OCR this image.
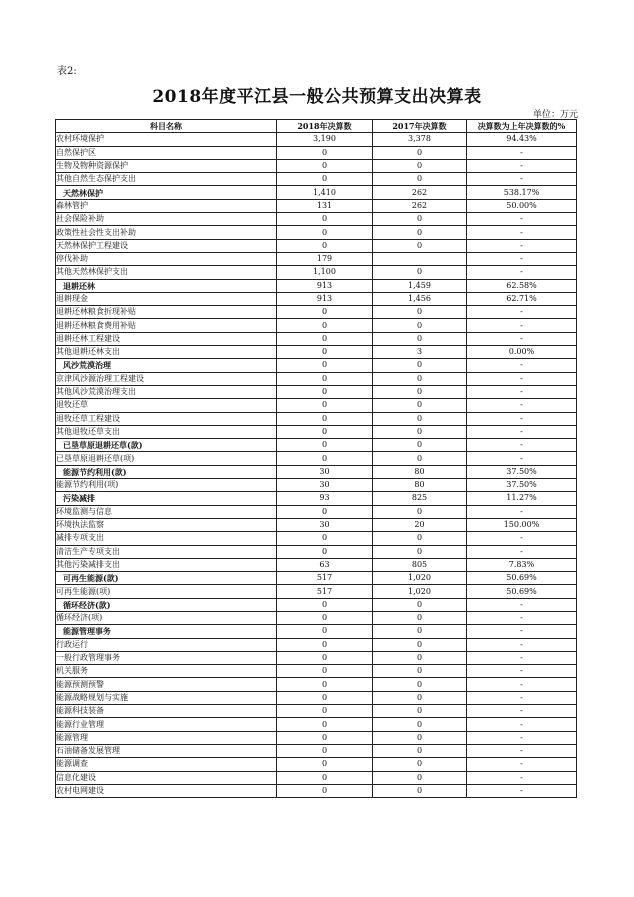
表2:
2018年度平江县一般公共预算支出决算表
单位：万元
科目名称	2018年决算数	2017年决算数	决算数为上年决算数的%
农村环境保护	3,190	3,378	94.43%
自然保护区	0	0	-
生物及物种资源保护	0	0	-
其他自然生态保护支出	0	0	-
天然林保护	1,410	262	538.17%
森林管护	131	262	50.00%
社会保险补助	0	0	-
政策性社会性支出补助	0	0	-
天然林保护工程建设	0	0	-
停伐补助	179		-
其他天然林保护支出	1,100	0	-
退耕还林	913	1,459	62.58%
退耕现金	913	1,456	62.71%
退耕还林粮食折现补贴	0	0	-
退耕还林粮食费用补贴	0	0	-
退耕还林工程建设	0	0	-
其他退耕还林支出	0	3	0.00%
风沙荒漠治理	0	0	-
京津风沙源治理工程建设	0	0	-
其他风沙荒漠治理支出	0	0	-
退牧还草	0	0	-
退牧还草工程建设	0	0	-
其他退牧还草支出	0	0	-
已垦草原退耕还草(款)	0	0	-
已垦草原退耕还草(项)	0	0	-
能源节约利用(款)	30	80	37.50%
能源节约利用(项)	30	80	37.50%
污染减排	93	825	11.27%
环境监测与信息	0	0	-
环境执法监察	30	20	150.00%
减排专项支出	0	0	-
清洁生产专项支出	0	0	-
其他污染减排支出	63	805	7.83%
可再生能源(款)	517	1,020	50.69%
可再生能源(项)	517	1,020	50.69%
循环经济(款)	0	0	-
循环经济(项)	0	0	-
能源管理事务	0	0	-
行政运行	0	0	-
一般行政管理事务	0	0	-
机关服务	0	0	-
能源预测预警	0	0	-
能源战略规划与实施	0	0	-
能源科技装备	0	0	-
能源行业管理	0	0	-
能源管理	0	0	-
石油储备发展管理	0	0	-
能源调查	0	0	-
信息化建设	0	0	-
农村电网建设	0	0	-
